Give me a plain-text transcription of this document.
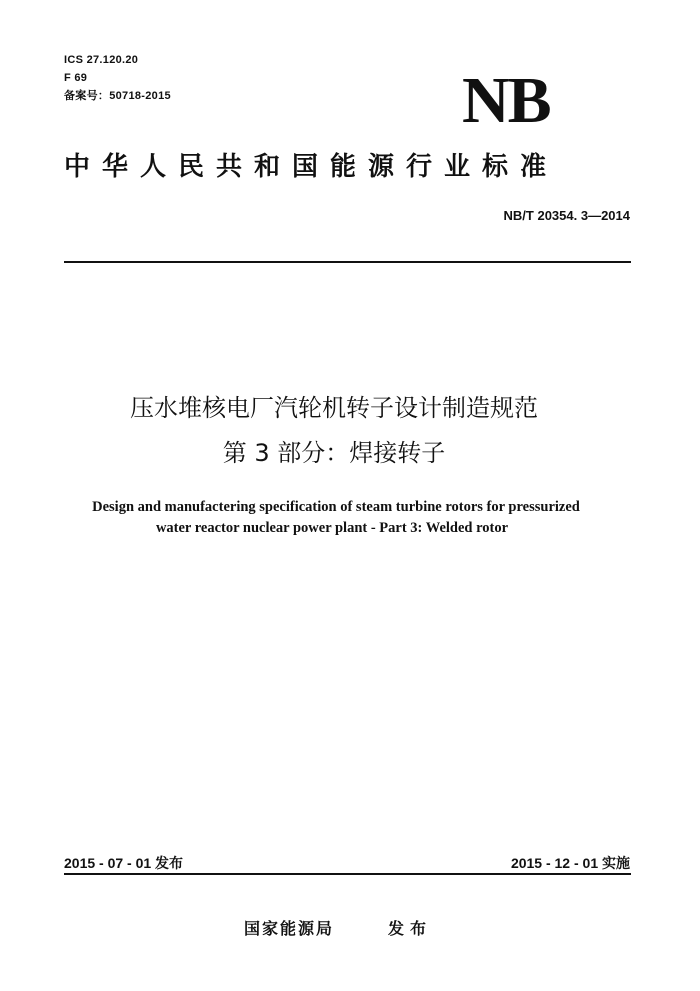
ICS 27.120.20
F 69
备案号：50718-2015	NB
中华人民共和国能源行业标准
NB/T 20354. 3—2014
压水堆核电厂汽轮机转子设计制造规范
第 3 部分：焊接转子
Design and manufactering specification of steam turbine rotors for pressurized
water reactor nuclear power plant - Part 3: Welded rotor
2015 - 07 - 01 发布	2015 - 12 - 01 实施
国家能源局	发布
